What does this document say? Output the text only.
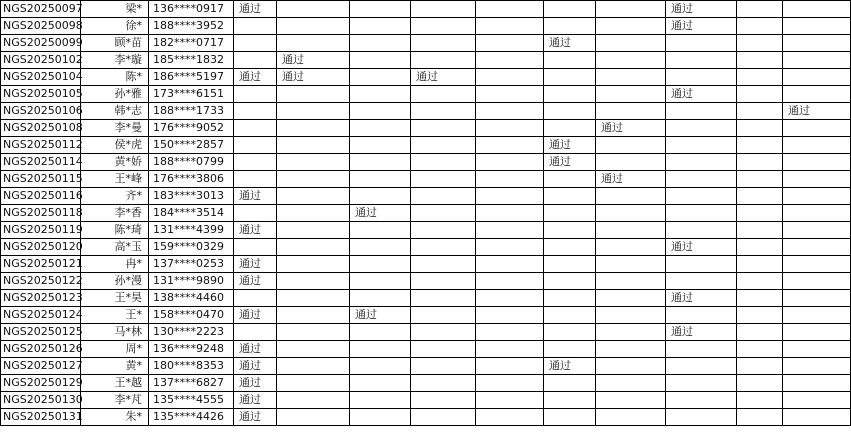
NGS20250097	梁*	136****0917	通过							通过		
NGS20250098	徐*	188****3952								通过		
NGS20250099	顾*苗	182****0717						通过				
NGS20250102	李*璇	185****1832		通过								
NGS20250104	陈*	186****5197	通过	通过		通过						
NGS20250105	孙*雅	173****6151								通过		
NGS20250106	韩*志	188****1733										通过
NGS20250108	李*曼	176****9052							通过			
NGS20250112	侯*虎	150****2857						通过				
NGS20250114	黄*娇	188****0799						通过				
NGS20250115	王*峰	176****3806							通过			
NGS20250116	齐*	183****3013	通过									
NGS20250118	李*香	184****3514			通过							
NGS20250119	陈*琦	131****4399	通过									
NGS20250120	高*玉	159****0329								通过		
NGS20250121	冉*	137****0253	通过									
NGS20250122	孙*漫	131****9890	通过									
NGS20250123	王*昊	138****4460								通过		
NGS20250124	王*	158****0470	通过		通过							
NGS20250125	马*林	130****2223								通过		
NGS20250126	周*	136****9248	通过									
NGS20250127	黄*	180****8353	通过					通过				
NGS20250129	王*越	137****6827	通过									
NGS20250130	李*芃	135****4555	通过									
NGS20250131	朱*	135****4426	通过									
